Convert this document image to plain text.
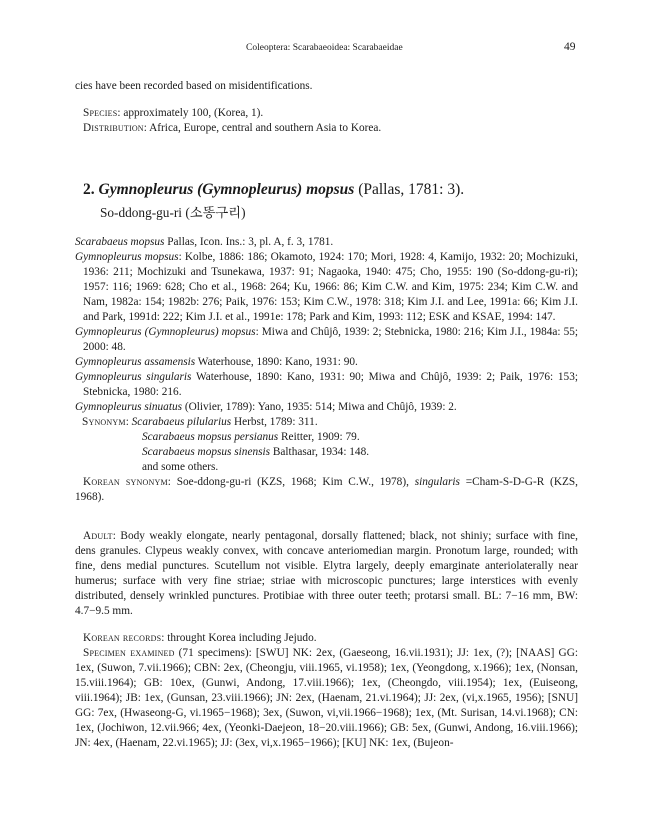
Coleoptera: Scarabaeoidea: Scarabaeidae	49
cies have been recorded based on misidentifications.
Species: approximately 100, (Korea, 1).
Distribution: Africa, Europe, central and southern Asia to Korea.
2. Gymnopleurus (Gymnopleurus) mopsus (Pallas, 1781: 3).
So-ddong-gu-ri (소똥구리)
Scarabaeus mopsus Pallas, Icon. Ins.: 3, pl. A, f. 3, 1781.
Gymnopleurus mopsus: Kolbe, 1886: 186; Okamoto, 1924: 170; Mori, 1928: 4, Kamijo, 1932: 20; Mochizuki, 1936: 211; Mochizuki and Tsunekawa, 1937: 91; Nagaoka, 1940: 475; Cho, 1955: 190 (So-ddong-gu-ri); 1957: 116; 1969: 628; Cho et al., 1968: 264; Ku, 1966: 86; Kim C.W. and Kim, 1975: 234; Kim C.W. and Nam, 1982a: 154; 1982b: 276; Paik, 1976: 153; Kim C.W., 1978: 318; Kim J.I. and Lee, 1991a: 66; Kim J.I. and Park, 1991d: 222; Kim J.I. et al., 1991e: 178; Park and Kim, 1993: 112; ESK and KSAE, 1994: 147.
Gymnopleurus (Gymnopleurus) mopsus: Miwa and Chûjô, 1939: 2; Stebnicka, 1980: 216; Kim J.I., 1984a: 55; 2000: 48.
Gymnopleurus assamensis Waterhouse, 1890: Kano, 1931: 90.
Gymnopleurus singularis Waterhouse, 1890: Kano, 1931: 90; Miwa and Chûjô, 1939: 2; Paik, 1976: 153; Stebnicka, 1980: 216.
Gymnopleurus sinuatus (Olivier, 1789): Yano, 1935: 514; Miwa and Chûjô, 1939: 2.
Synonym: Scarabaeus pilularius Herbst, 1789: 311.
Scarabaeus mopsus persianus Reitter, 1909: 79.
Scarabaeus mopsus sinensis Balthasar, 1934: 148.
and some others.
Korean synonym: Soe-ddong-gu-ri (KZS, 1968; Kim C.W., 1978), singularis =Cham-S-D-G-R (KZS, 1968).
Adult: Body weakly elongate, nearly pentagonal, dorsally flattened; black, not shiniy; surface with fine, dens granules. Clypeus weakly convex, with concave anteriomedian margin. Pronotum large, rounded; with fine, dens medial punctures. Scutellum not visible. Elytra largely, deeply emarginate anteriolaterally near humerus; surface with very fine striae; striae with microscopic punctures; large interstices with evenly distributed, densely wrinkled punctures. Protibiae with three outer teeth; protarsi small. BL: 7−16 mm, BW: 4.7−9.5 mm.
Korean records: throught Korea including Jejudo.
Specimen examined (71 specimens): [SWU] NK: 2ex, (Gaeseong, 16.vii.1931); JJ: 1ex, (?); [NAAS] GG: 1ex, (Suwon, 7.vii.1966); CBN: 2ex, (Cheongju, viii.1965, vi.1958); 1ex, (Yeongdong, x.1966); 1ex, (Nonsan, 15.viii.1964); GB: 10ex, (Gunwi, Andong, 17.viii.1966); 1ex, (Cheongdo, viii.1954); 1ex, (Euiseong, viii.1964); JB: 1ex, (Gunsan, 23.viii.1966); JN: 2ex, (Haenam, 21.vi.1964); JJ: 2ex, (vi,x.1965, 1956); [SNU] GG: 7ex, (Hwaseong-G, vi.1965−1968); 3ex, (Suwon, vi,vii.1966−1968); 1ex, (Mt. Surisan, 14.vi.1968); CN: 1ex, (Jochiwon, 12.vii.966; 4ex, (Yeonki-Daejeon, 18−20.viii.1966); GB: 5ex, (Gunwi, Andong, 16.viii.1966); JN: 4ex, (Haenam, 22.vi.1965); JJ: (3ex, vi,x.1965−1966); [KU] NK: 1ex, (Bujeon-
